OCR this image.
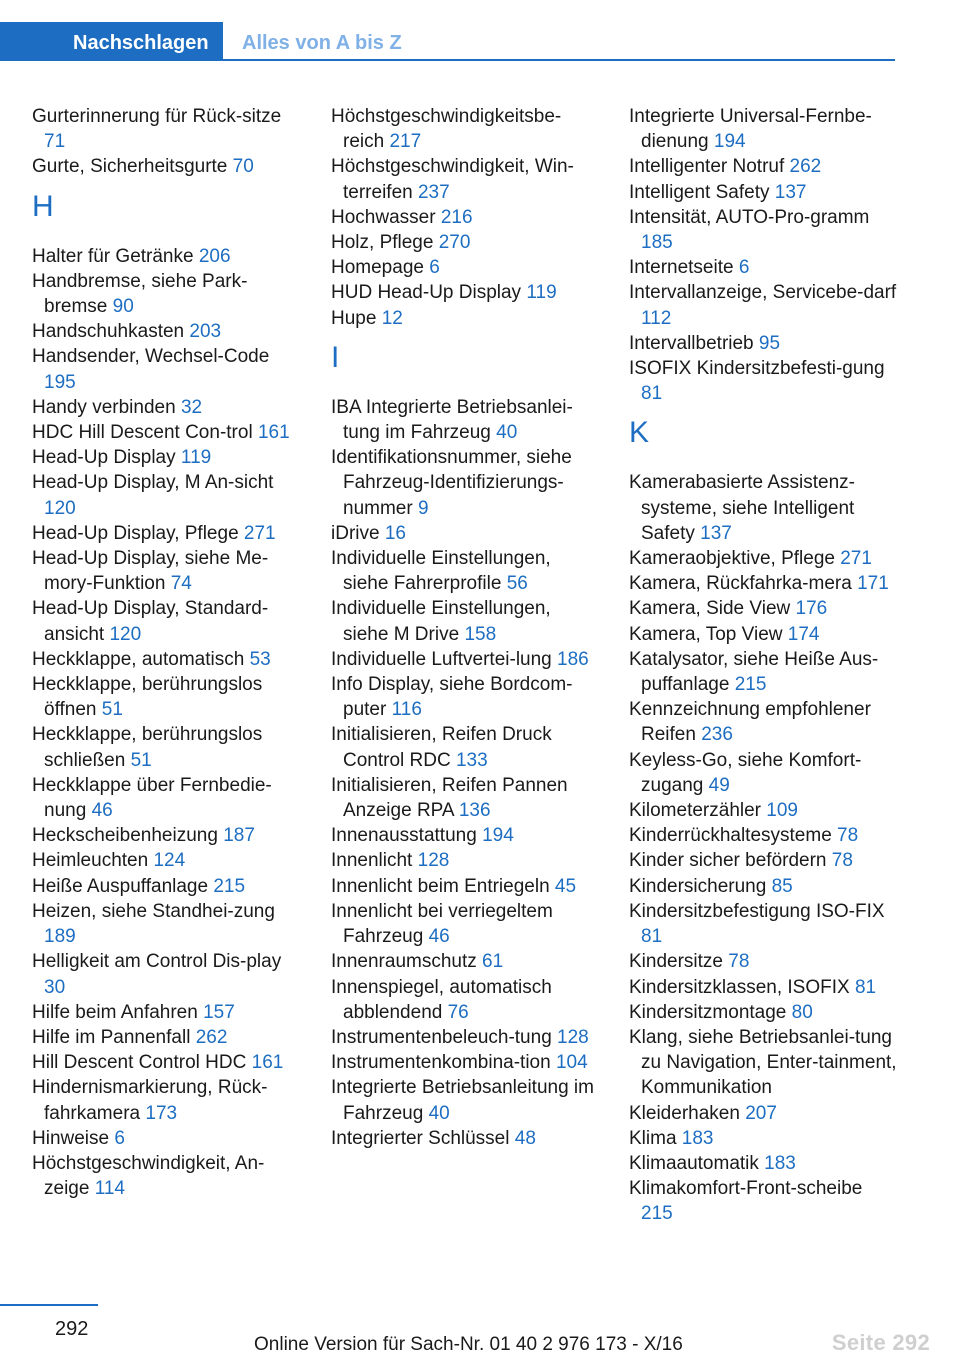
Nachschlagen	Alles von A bis Z
Gurterinnerung für Rück‐sitze 71
Gurte, Sicherheitsgurte 70
H
Halter für Getränke 206
Handbremse, siehe Park‐bremse 90
Handschuhkasten 203
Handsender, Wechsel‐Code 195
Handy verbinden 32
HDC Hill Descent Con‐trol 161
Head-Up Display 119
Head-Up Display, M An‐sicht 120
Head-Up Display, Pflege 271
Head-Up Display, siehe Me‐mory-Funktion 74
Head-Up Display, Standard‐ansicht 120
Heckklappe, automatisch 53
Heckklappe, berührungslos öffnen 51
Heckklappe, berührungslos schließen 51
Heckklappe über Fernbedie‐nung 46
Heckscheibenheizung 187
Heimleuchten 124
Heiße Auspuffanlage 215
Heizen, siehe Standhei‐zung 189
Helligkeit am Control Dis‐play 30
Hilfe beim Anfahren 157
Hilfe im Pannenfall 262
Hill Descent Control HDC 161
Hindernismarkierung, Rück‐fahrkamera 173
Hinweise 6
Höchstgeschwindigkeit, An‐zeige 114
Höchstgeschwindigkeitsbe‐reich 217
Höchstgeschwindigkeit, Win‐terreifen 237
Hochwasser 216
Holz, Pflege 270
Homepage 6
HUD Head-Up Display 119
Hupe 12
I
IBA Integrierte Betriebsanlei‐tung im Fahrzeug 40
Identifikationsnummer, siehe Fahrzeug-Identifizierungs‐nummer 9
iDrive 16
Individuelle Einstellungen, siehe Fahrerprofile 56
Individuelle Einstellungen, siehe M Drive 158
Individuelle Luftvertei‐lung 186
Info Display, siehe Bordcom‐puter 116
Initialisieren, Reifen Druck Control RDC 133
Initialisieren, Reifen Pannen Anzeige RPA 136
Innenausstattung 194
Innenlicht 128
Innenlicht beim Entriegeln 45
Innenlicht bei verriegeltem Fahrzeug 46
Innenraumschutz 61
Innenspiegel, automatisch abblendend 76
Instrumentenbeleuch‐tung 128
Instrumentenkombina‐tion 104
Integrierte Betriebsanleitung im Fahrzeug 40
Integrierter Schlüssel 48
Integrierte Universal-Fernbe‐dienung 194
Intelligenter Notruf 262
Intelligent Safety 137
Intensität, AUTO-Pro‐gramm 185
Internetseite 6
Intervallanzeige, Servicebe‐darf 112
Intervallbetrieb 95
ISOFIX Kindersitzbefesti‐gung 81
K
Kamerabasierte Assistenz‐systeme, siehe Intelligent Safety 137
Kameraobjektive, Pflege 271
Kamera, Rückfahrka‐mera 171
Kamera, Side View 176
Kamera, Top View 174
Katalysator, siehe Heiße Aus‐puffanlage 215
Kennzeichnung empfohlener Reifen 236
Keyless-Go, siehe Komfort‐zugang 49
Kilometerzähler 109
Kinderrückhaltesysteme 78
Kinder sicher befördern 78
Kindersicherung 85
Kindersitzbefestigung ISO‐FIX 81
Kindersitze 78
Kindersitzklassen, ISOFIX 81
Kindersitzmontage 80
Klang, siehe Betriebsanlei‐tung zu Navigation, Enter‐tainment, Kommunikation
Kleiderhaken 207
Klima 183
Klimaautomatik 183
Klimakomfort-Front‐scheibe 215
292
Online Version für Sach-Nr. 01 40 2 976 173 - X/16	Seite 292
